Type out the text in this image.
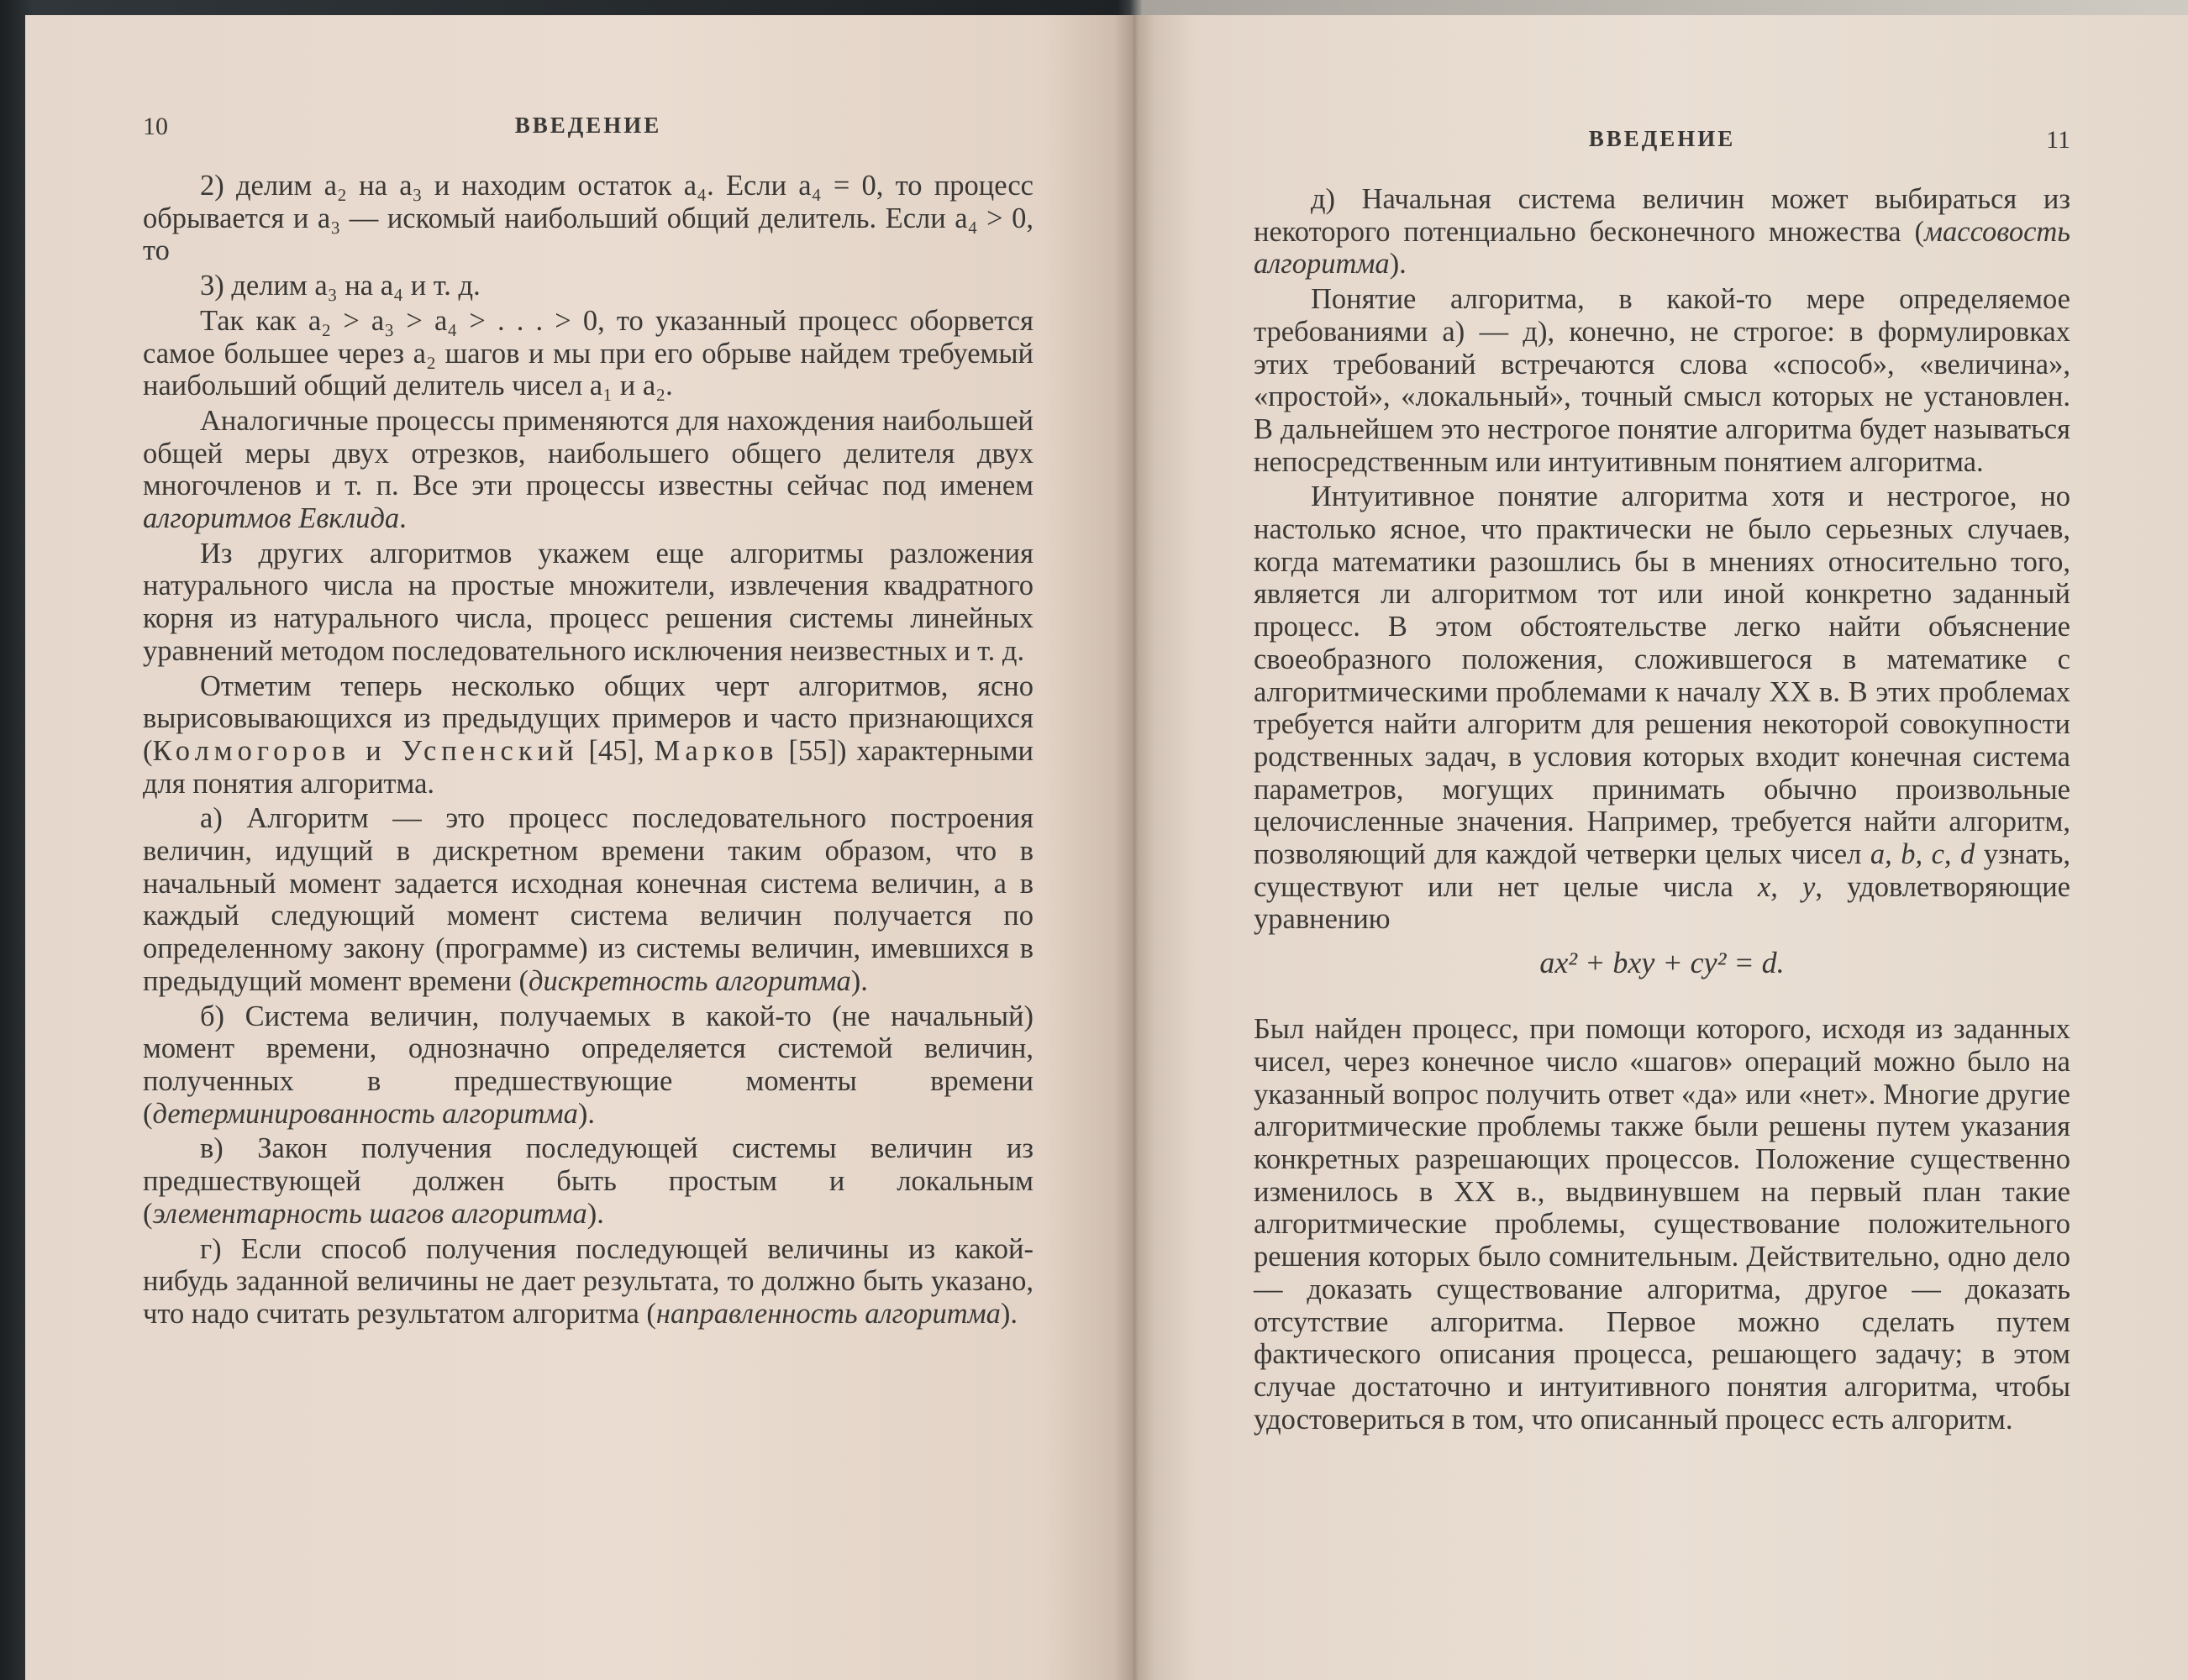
10	ВВЕДЕНИЕ

2) делим a₂ на a₃ и находим остаток a₄. Если a₄ = 0, то процесс обрывается и a₃ — искомый наибольший общий делитель. Если a₄ > 0, то

3) делим a₃ на a₄ и т. д.

Так как a₂ > a₃ > a₄ > . . . > 0, то указанный процесс оборвется самое большее через a₂ шагов и мы при его обрыве найдем требуемый наибольший общий делитель чисел a₁ и a₂.

Аналогичные процессы применяются для нахождения наибольшей общей меры двух отрезков, наибольшего общего делителя двух многочленов и т. п. Все эти процессы известны сейчас под именем алгоритмов Евклида.

Из других алгоритмов укажем еще алгоритмы разложения натурального числа на простые множители, извлечения квадратного корня из натурального числа, процесс решения системы линейных уравнений методом последовательного исключения неизвестных и т. д.

Отметим теперь несколько общих черт алгоритмов, ясно вырисовывающихся из предыдущих примеров и часто признающихся (Колмогоров и Успенский [45], Марков [55]) характерными для понятия алгоритма.

а) Алгоритм — это процесс последовательного построения величин, идущий в дискретном времени таким образом, что в начальный момент задается исходная конечная система величин, а в каждый следующий момент система величин получается по определенному закону (программе) из системы величин, имевшихся в предыдущий момент времени (дискретность алгоритма).

б) Система величин, получаемых в какой-то (не начальный) момент времени, однозначно определяется системой величин, полученных в предшествующие моменты времени (детерминированность алгоритма).

в) Закон получения последующей системы величин из предшествующей должен быть простым и локальным (элементарность шагов алгоритма).

г) Если способ получения последующей величины из какой-нибудь заданной величины не дает результата, то должно быть указано, что надо считать результатом алгоритма (направленность алгоритма).

ВВЕДЕНИЕ	11

д) Начальная система величин может выбираться из некоторого потенциально бесконечного множества (массовость алгоритма).

Понятие алгоритма, в какой-то мере определяемое требованиями а) — д), конечно, не строгое: в формулировках этих требований встречаются слова «способ», «величина», «простой», «локальный», точный смысл которых не установлен. В дальнейшем это нестрогое понятие алгоритма будет называться непосредственным или интуитивным понятием алгоритма.

Интуитивное понятие алгоритма хотя и нестрогое, но настолько ясное, что практически не было серьезных случаев, когда математики разошлись бы в мнениях относительно того, является ли алгоритмом тот или иной конкретно заданный процесс. В этом обстоятельстве легко найти объяснение своеобразного положения, сложившегося в математике с алгоритмическими проблемами к началу XX в. В этих проблемах требуется найти алгоритм для решения некоторой совокупности родственных задач, в условия которых входит конечная система параметров, могущих принимать обычно произвольные целочисленные значения. Например, требуется найти алгоритм, позволяющий для каждой четверки целых чисел a, b, c, d узнать, существуют или нет целые числа x, y, удовлетворяющие уравнению

ax² + bxy + cy² = d.

Был найден процесс, при помощи которого, исходя из заданных чисел, через конечное число «шагов» операций можно было на указанный вопрос получить ответ «да» или «нет». Многие другие алгоритмические проблемы также были решены путем указания конкретных разрешающих процессов. Положение существенно изменилось в XX в., выдвинувшем на первый план такие алгоритмические проблемы, существование положительного решения которых было сомнительным. Действительно, одно дело — доказать существование алгоритма, другое — доказать отсутствие алгоритма. Первое можно сделать путем фактического описания процесса, решающего задачу; в этом случае достаточно и интуитивного понятия алгоритма, чтобы удостовериться в том, что описанный процесс есть алгоритм.
